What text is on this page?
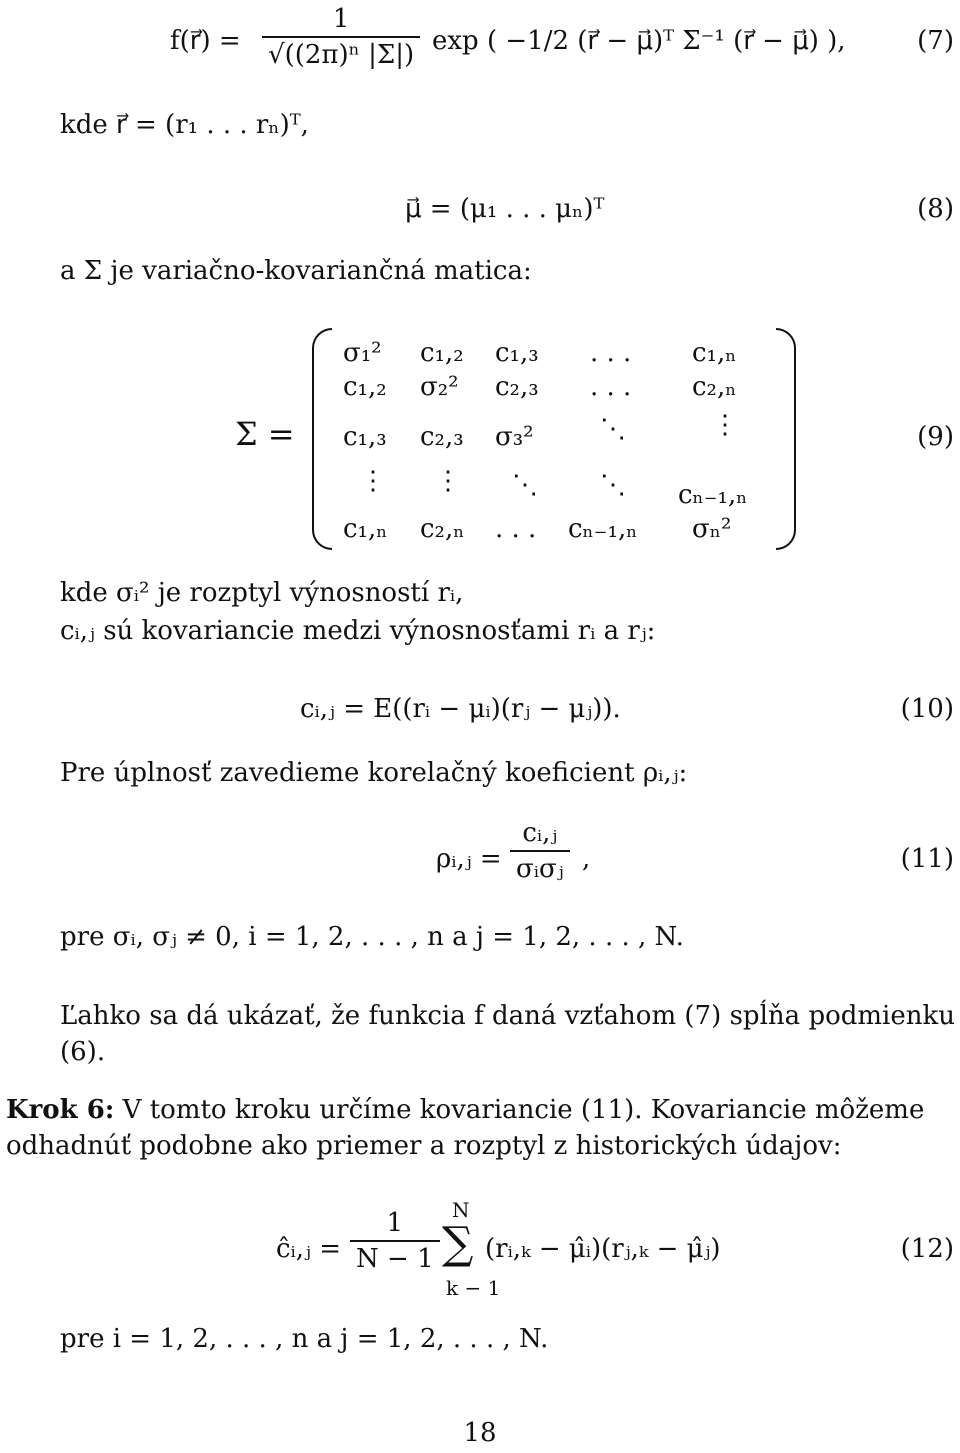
f(r⃗) = $\frac{1}{\text{√((2π)ⁿ |Σ|)}}$ exp ( −1/2 (r⃗ − μ⃗)ᵀ Σ⁻¹ (r⃗ − μ⃗) ),	(7)
kde r⃗ = (r₁ . . . rₙ)ᵀ,
μ⃗ = (μ₁ . . . μₙ)ᵀ	(8)
a Σ je variačno-kovariančná matica:
Σ =
σ₁² c₁,₂ c₁,₃ . . . c₁,ₙ
c₁,₂ σ₂² c₂,₃ . . . c₂,ₙ
c₁,₃ c₂,₃ σ₃²	⋱	⋮
⋮ ⋮ ⋱ ⋱ cₙ₋₁,ₙ
c₁,ₙ c₂,ₙ . . . cₙ₋₁,ₙ σₙ²
(9)
kde σᵢ² je rozptyl výnosností rᵢ,
cᵢ,ⱼ sú kovariancie medzi výnosnosťami rᵢ a rⱼ:
cᵢ,ⱼ = E((rᵢ − μᵢ)(rⱼ − μⱼ)).	(10)
Pre úplnosť zavedieme korelačný koeficient ρᵢ,ⱼ:
ρᵢ,ⱼ = $\frac{\text{cᵢ,ⱼ}}{\text{σᵢσⱼ}}$ ,	(11)
pre σᵢ, σⱼ ≠ 0, i = 1, 2, . . . , n a j = 1, 2, . . . , N.
Ľahko sa dá ukázať, že funkcia f daná vzťahom (7) spĺňa podmienku (6).
Krok 6: V tomto kroku určíme kovariancie (11). Kovariancie môžeme odhadnúť podobne ako priemer a rozptyl z historických údajov:
ĉᵢ,ⱼ = $\frac{1}{N - 1}$ N
∑
k − 1
(rᵢ,ₖ − μ̂ᵢ)(rⱼ,ₖ − μ̂ⱼ)	(12)
pre i = 1, 2, . . . , n a j = 1, 2, . . . , N.
18
